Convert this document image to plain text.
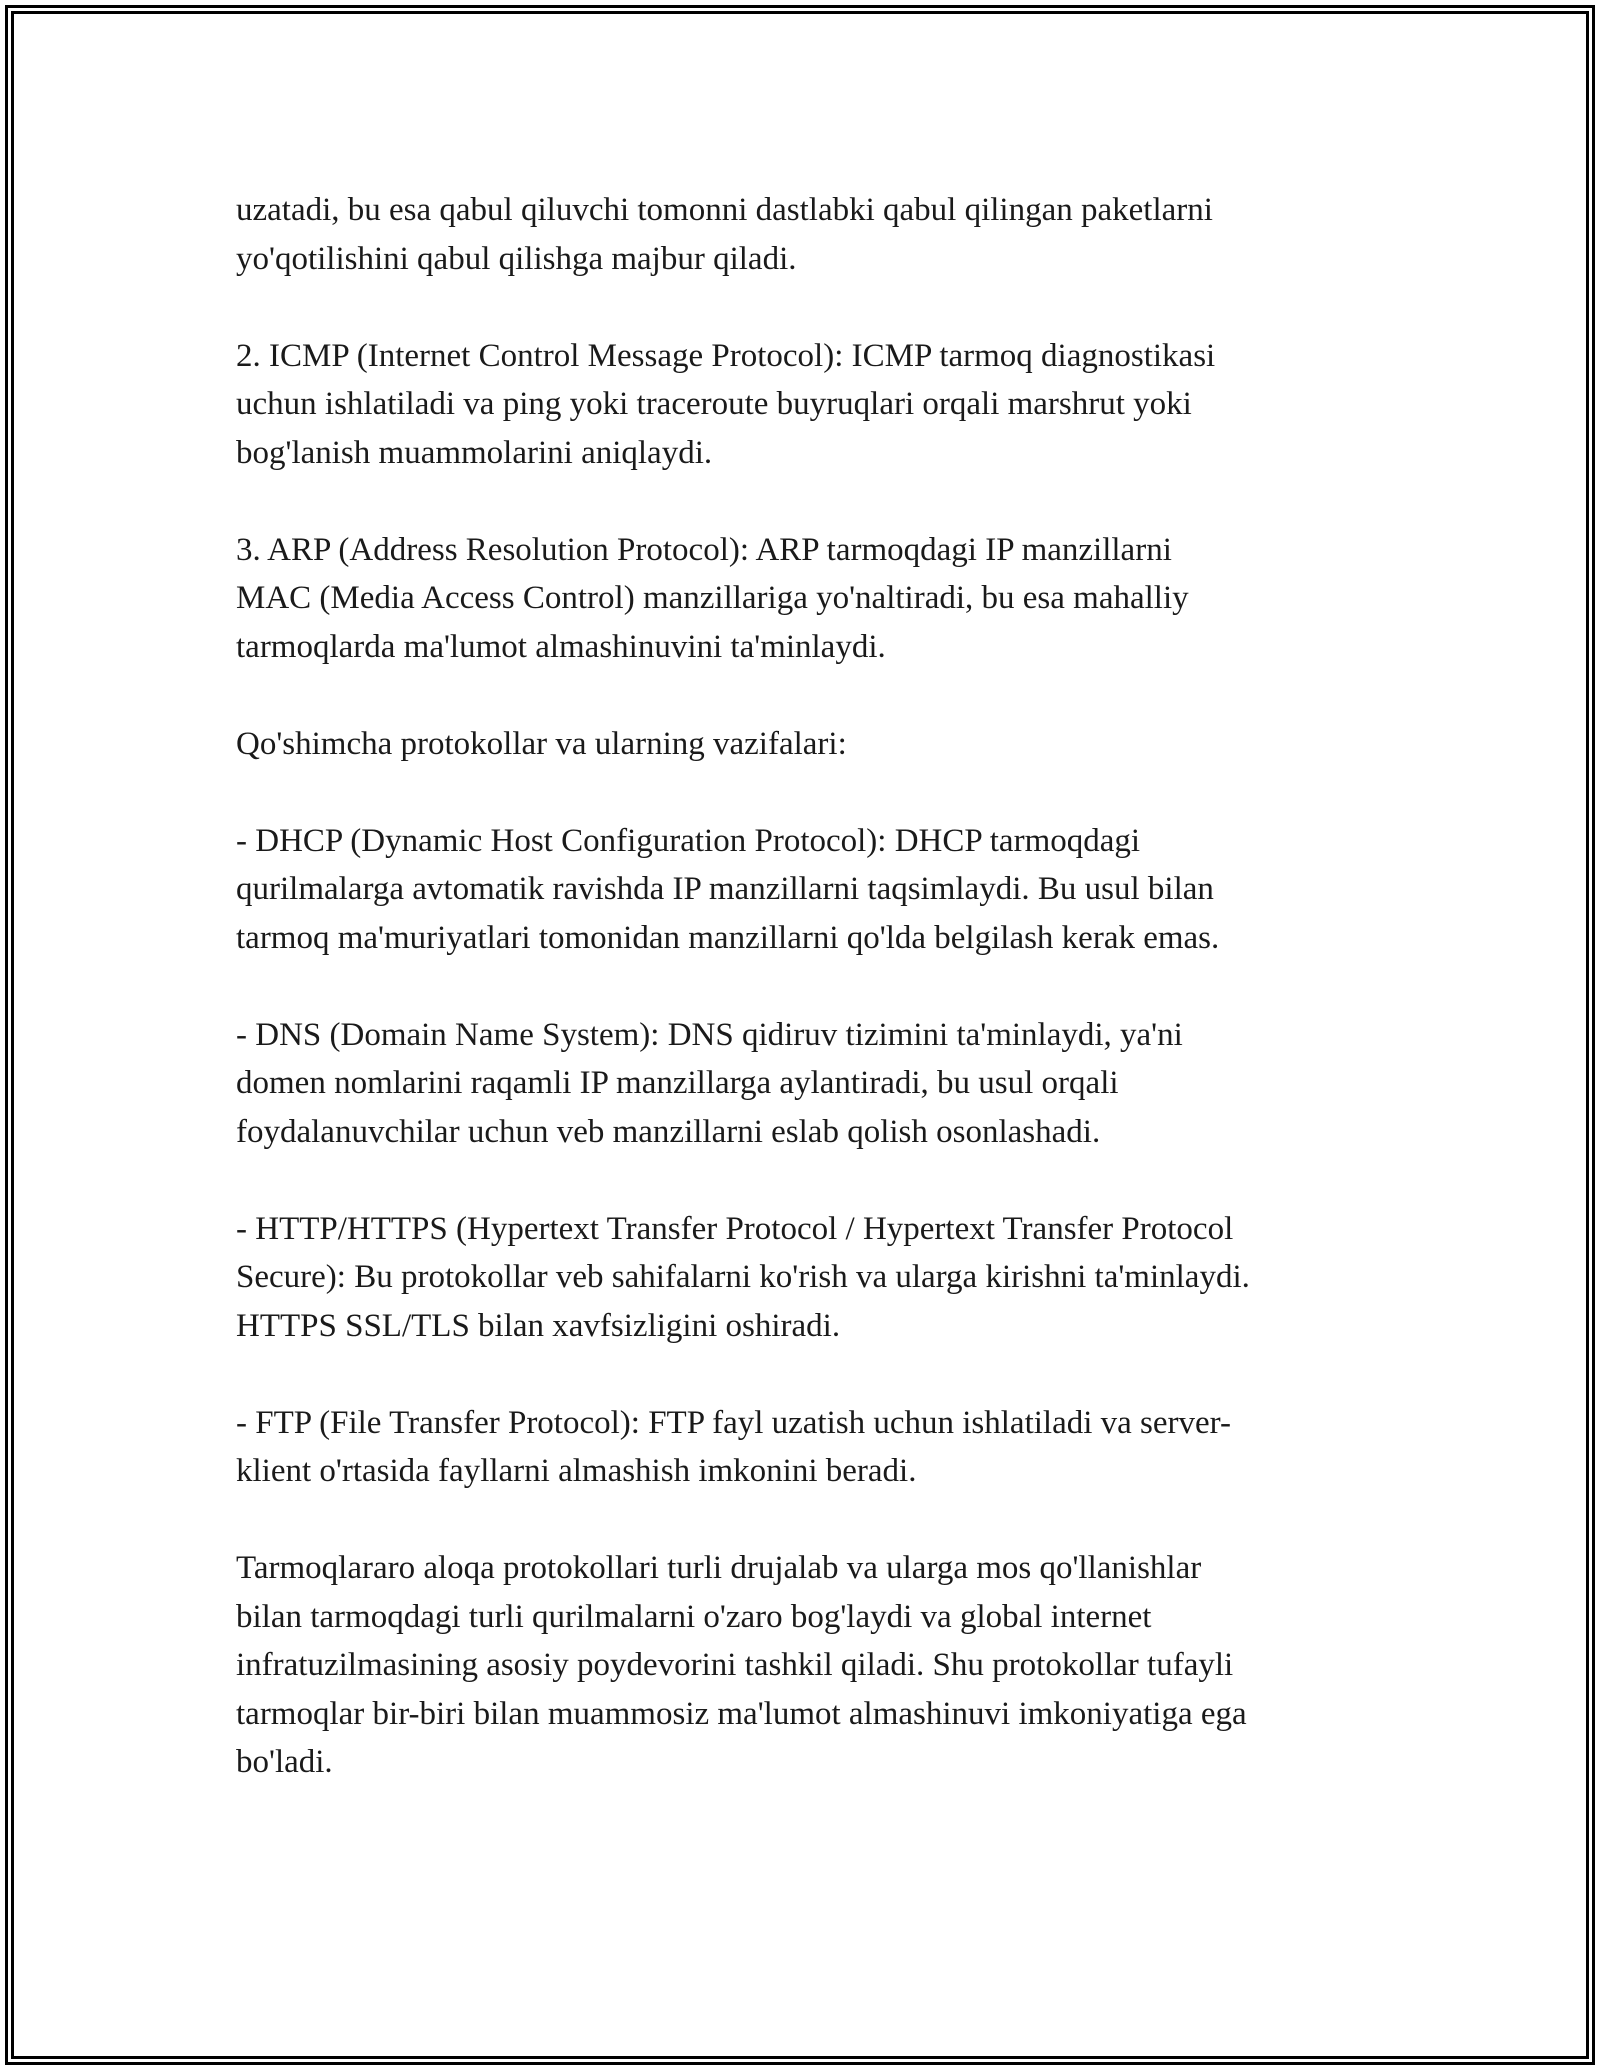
uzatadi, bu esa qabul qiluvchi tomonni dastlabki qabul qilingan paketlarni
yo'qotilishini qabul qilishga majbur qiladi.

2. ICMP (Internet Control Message Protocol): ICMP tarmoq diagnostikasi
uchun ishlatiladi va ping yoki traceroute buyruqlari orqali marshrut yoki
bog'lanish muammolarini aniqlaydi.

3. ARP (Address Resolution Protocol): ARP tarmoqdagi IP manzillarni
MAC (Media Access Control) manzillariga yo'naltiradi, bu esa mahalliy
tarmoqlarda ma'lumot almashinuvini ta'minlaydi.

Qo'shimcha protokollar va ularning vazifalari:

- DHCP (Dynamic Host Configuration Protocol): DHCP tarmoqdagi
qurilmalarga avtomatik ravishda IP manzillarni taqsimlaydi. Bu usul bilan
tarmoq ma'muriyatlari tomonidan manzillarni qo'lda belgilash kerak emas.

- DNS (Domain Name System): DNS qidiruv tizimini ta'minlaydi, ya'ni
domen nomlarini raqamli IP manzillarga aylantiradi, bu usul orqali
foydalanuvchilar uchun veb manzillarni eslab qolish osonlashadi.

- HTTP/HTTPS (Hypertext Transfer Protocol / Hypertext Transfer Protocol
Secure): Bu protokollar veb sahifalarni ko'rish va ularga kirishni ta'minlaydi.
HTTPS SSL/TLS bilan xavfsizligini oshiradi.

- FTP (File Transfer Protocol): FTP fayl uzatish uchun ishlatiladi va server-
klient o'rtasida fayllarni almashish imkonini beradi.

Tarmoqlararo aloqa protokollari turli drujalab va ularga mos qo'llanishlar
bilan tarmoqdagi turli qurilmalarni o'zaro bog'laydi va global internet
infratuzilmasining asosiy poydevorini tashkil qiladi. Shu protokollar tufayli
tarmoqlar bir-biri bilan muammosiz ma'lumot almashinuvi imkoniyatiga ega
bo'ladi.
